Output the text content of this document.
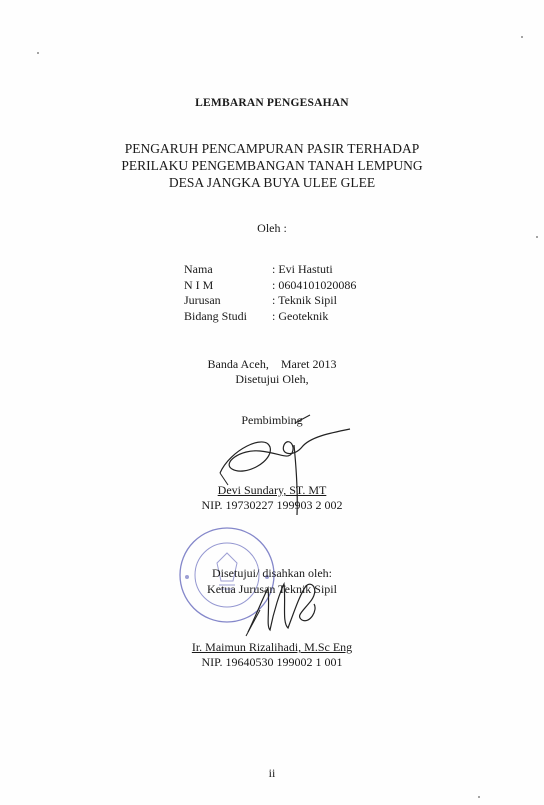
LEMBARAN PENGESAHAN
PENGARUH PENCAMPURAN PASIR TERHADAP
PERILAKU PENGEMBANGAN TANAH LEMPUNG
DESA JANGKA BUYA ULEE GLEE
Oleh :
Nama	: Evi Hastuti
N I M	: 0604101020086
Jurusan	: Teknik Sipil
Bidang Studi	: Geoteknik
Banda Aceh,    Maret 2013
Disetujui Oleh,
Pembimbing
Devi Sundary, ST. MT
NIP. 19730227 199903 2 002
Disetujui/ disahkan oleh:
Ketua Jurusan Teknik Sipil
Ir. Maimun Rizalihadi, M.Sc Eng
NIP. 19640530 199002 1 001
ii
